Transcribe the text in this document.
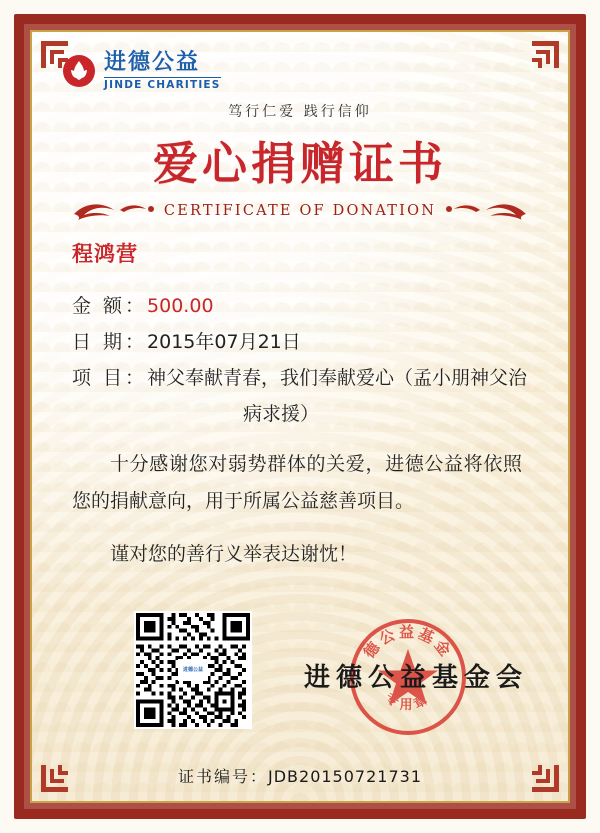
进德公益
JINDE CHARITIES
笃行仁爱 践行信仰
爱心捐赠证书
CERTIFICATE OF DONATION
程鸿营
金 额： 500.00
日 期： 2015年07月21日
项 目： 神父奉献青春，我们奉献爱心（孟小朋神父治
病求援）
十分感谢您对弱势群体的关爱，进德公益将依照您的捐献意向，用于所属公益慈善项目。
谨对您的善行义举表达谢忱！
进德公益
德公益基金
专用章
进德公益基金会
证书编号：JDB20150721731
